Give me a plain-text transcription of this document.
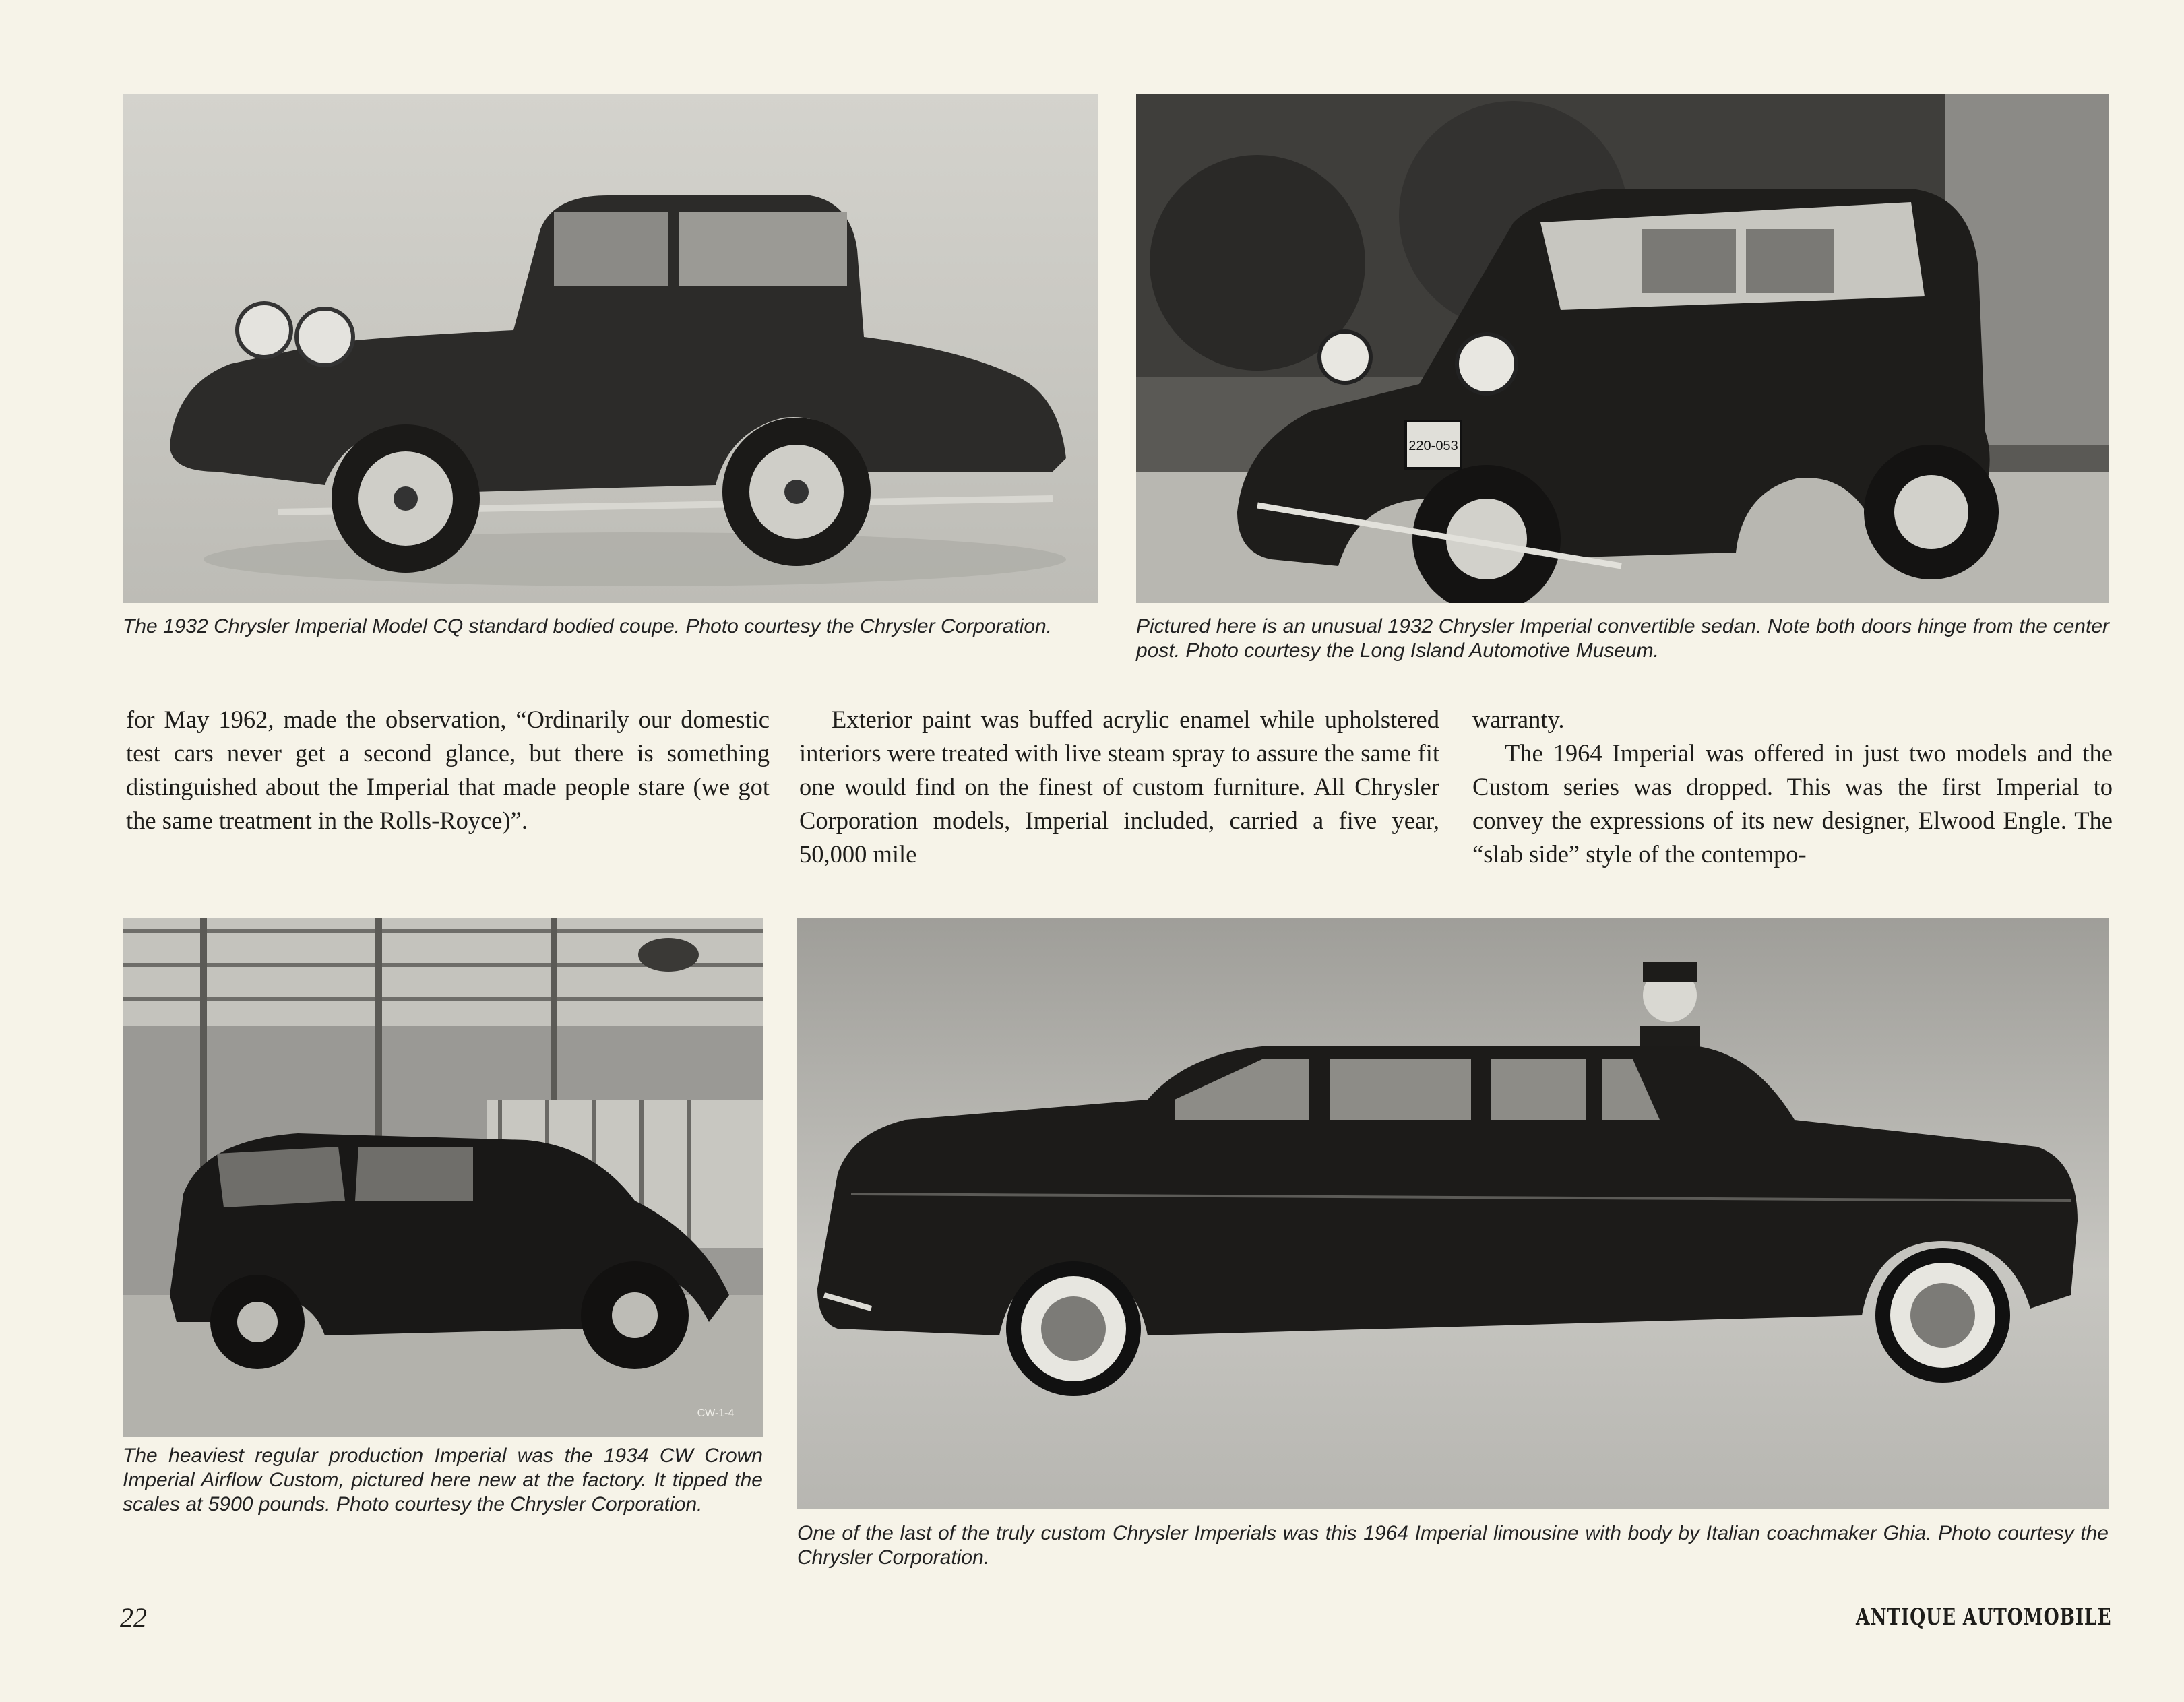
The 1932 Chrysler Imperial Model CQ standard bodied coupe. Photo courtesy the Chrysler Corporation.

220-053

Pictured here is an unusual 1932 Chrysler Imperial convertible sedan. Note both doors hinge from the center post. Photo courtesy the Long Island Automotive Museum.

for May 1962, made the observation, “Ordinarily our domestic test cars never get a second glance, but there is something distinguished about the Imperial that made people stare (we got the same treatment in the Rolls-Royce)”.

Exterior paint was buffed acrylic enamel while upholstered interiors were treated with live steam spray to assure the same fit one would find on the finest of custom furniture. All Chrysler Corporation models, Imperial included, carried a five year, 50,000 mile

warranty.

The 1964 Imperial was offered in just two models and the Custom series was dropped. This was the first Imperial to convey the expressions of its new designer, Elwood Engle. The “slab side” style of the contempo-

CW-1-4

The heaviest regular production Imperial was the 1934 CW Crown Imperial Airflow Custom, pictured here new at the factory. It tipped the scales at 5900 pounds. Photo courtesy the Chrysler Corporation.

One of the last of the truly custom Chrysler Imperials was this 1964 Imperial limousine with body by Italian coachmaker Ghia. Photo courtesy the Chrysler Corporation.

22	ANTIQUE AUTOMOBILE
